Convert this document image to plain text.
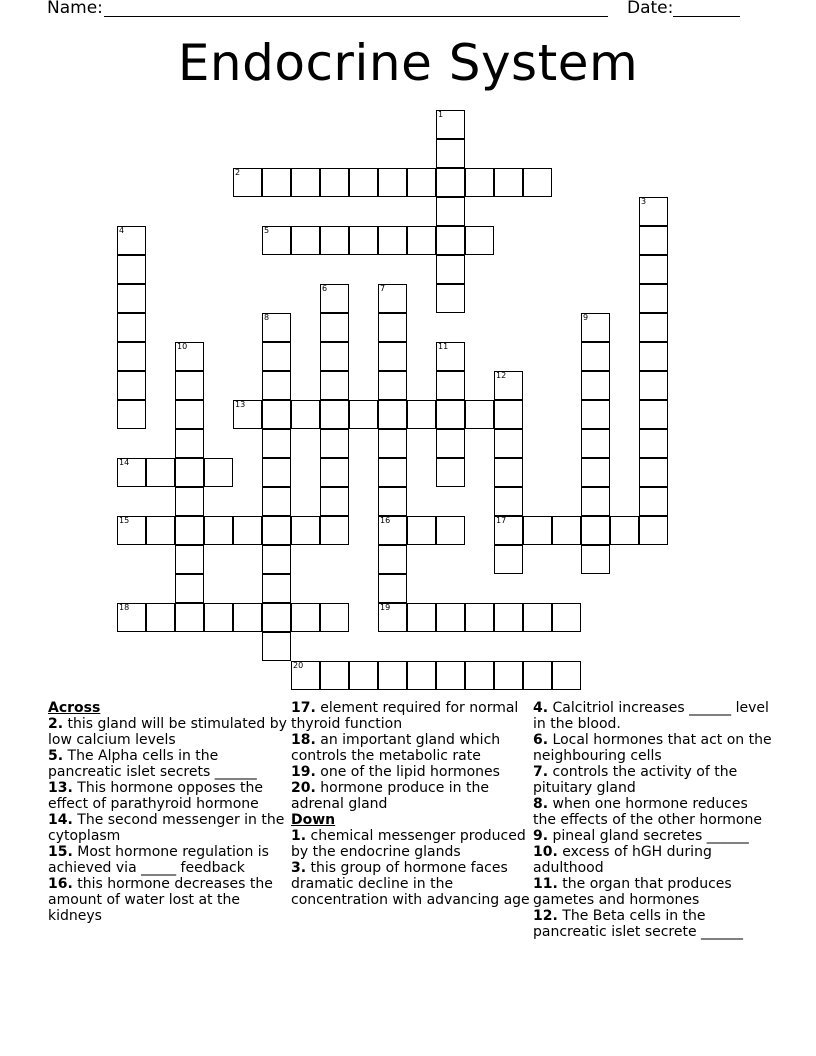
Name:	Date:
Endocrine System
1
2
3
4	5
6	7
16
8	9
10	11
12
17
13
14
15
18	19
20
Across
2. this gland will be stimulated by low calcium levels
5. The Alpha cells in the pancreatic islet secrets ______
13. This hormone opposes the effect of parathyroid hormone
14. The second messenger in the cytoplasm
15. Most hormone regulation is achieved via _____ feedback
16. this hormone decreases the amount of water lost at the kidneys
17. element required for normal thyroid function
18. an important gland which controls the metabolic rate
19. one of the lipid hormones
20. hormone produce in the adrenal gland
Down
1. chemical messenger produced by the endocrine glands
3. this group of hormone faces dramatic decline in the concentration with advancing age
4. Calcitriol increases ______ level in the blood.
6. Local hormones that act on the neighbouring cells
7. controls the activity of the pituitary gland
8. when one hormone reduces the effects of the other hormone
9. pineal gland secretes ______
10. excess of hGH during adulthood
11. the organ that produces gametes and hormones
12. The Beta cells in the pancreatic islet secrete ______
